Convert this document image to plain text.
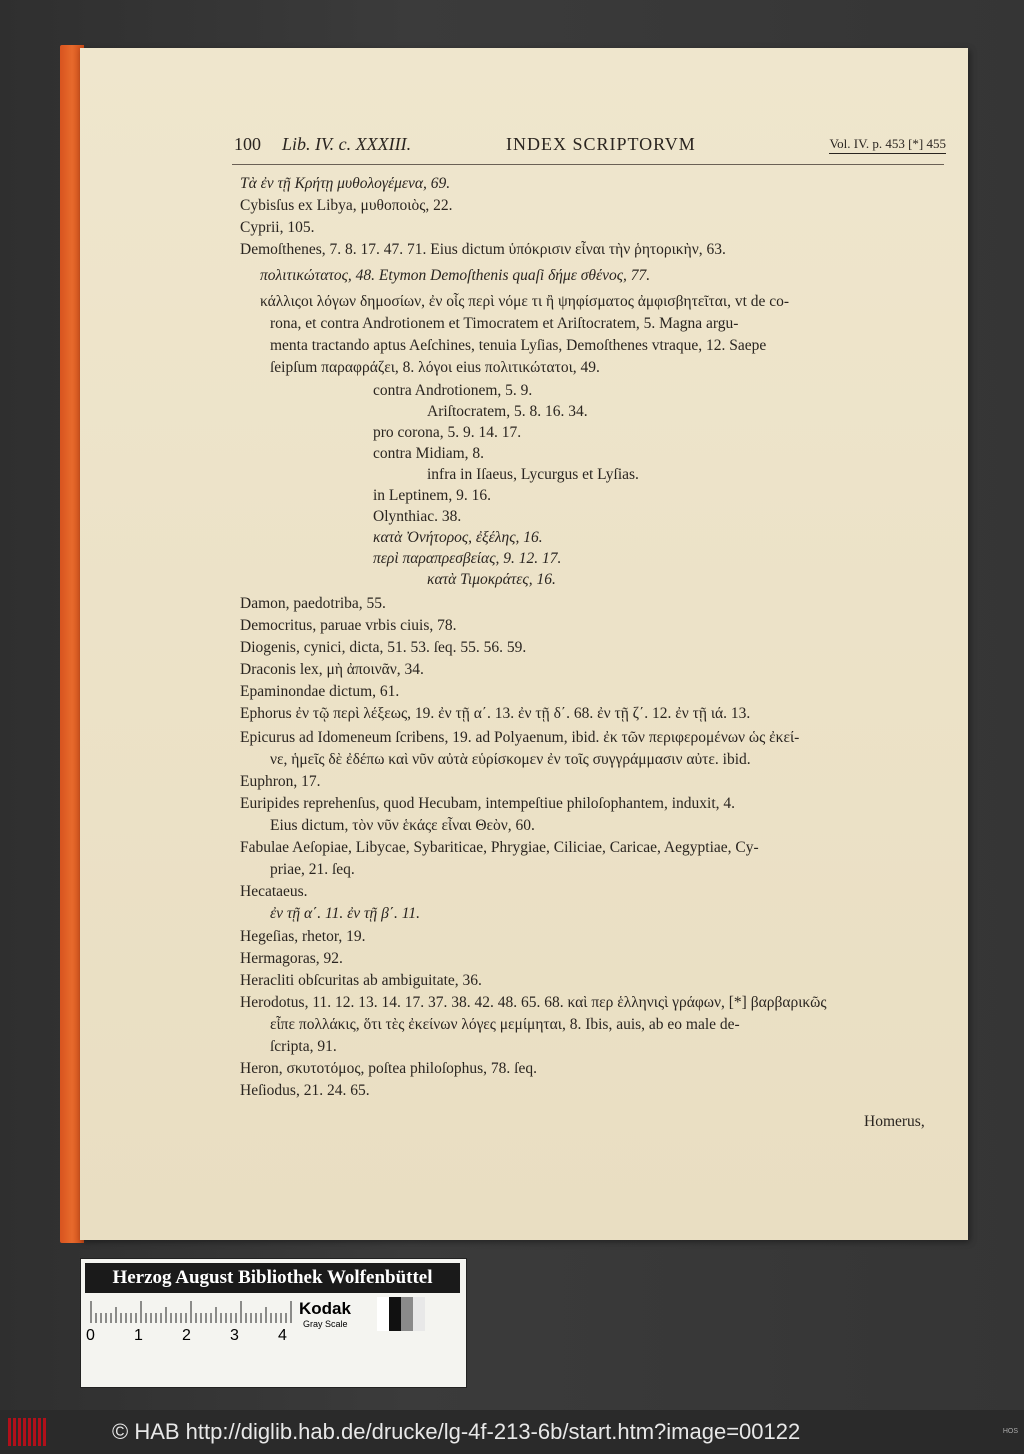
100 Lib. IV. c. XXXIII.	INDEX SCRIPTORVM	Vol. IV. p. 453 [*] 455
Τὰ ἐν τῇ Κρήτῃ μυθολογέμενα, 69.
Cybisſus ex Libya, μυθοποιὸς, 22.
Cyprii, 105.
Demoſthenes, 7. 8. 17. 47. 71. Eius dictum ὑπόκρισιν εἶναι τὴν ῥητορικὴν, 63.
πολιτικώτατος, 48. Etymon Demoſthenis quaſi δήμε σθένος, 77.
κάλλιςοι λόγων δημοσίων, ἐν οἷς περὶ νόμε τι ἢ ψηφίσματος ἀμφισβητεῖται, vt de co-
rona, et contra Androtionem et Timocratem et Ariſtocratem, 5. Magna argu-
menta tractando aptus Aeſchines, tenuia Lyſias, Demoſthenes vtraque, 12. Saepe
ſeipſum παραφράζει, 8. λόγοι eius πολιτικώτατοι, 49.
contra Androtionem, 5. 9.
Ariſtocratem, 5. 8. 16. 34.
pro corona, 5. 9. 14. 17.
contra Midiam, 8.
infra in Iſaeus, Lycurgus et Lyſias.
in Leptinem, 9. 16.
Olynthiac. 38.
κατὰ Ὀνήτορος, ἐξέλης, 16.
περὶ παραπρεσβείας, 9. 12. 17.
κατὰ Τιμοκράτες, 16.
Damon, paedotriba, 55.
Democritus, paruae vrbis ciuis, 78.
Diogenis, cynici, dicta, 51. 53. ſeq. 55. 56. 59.
Draconis lex, μὴ ἀποινᾶν, 34.
Epaminondae dictum, 61.
Ephorus ἐν τῷ περὶ λέξεως, 19. ἐν τῇ α΄. 13. ἐν τῇ δ΄. 68. ἐν τῇ ζ΄. 12. ἐν τῇ ιά. 13.
Epicurus ad Idomeneum ſcribens, 19. ad Polyaenum, ibid. ἐκ τῶν περιφερομένων ὡς ἐκεί-
νε, ἡμεῖς δὲ ἐδέπω καὶ νῦν αὐτὰ εὑρίσκομεν ἐν τοῖς συγγράμμασιν αὐτε. ibid.
Euphron, 17.
Euripides reprehenſus, quod Hecubam, intempeſtiue philoſophantem, induxit, 4.
Eius dictum, τὸν νῦν ἑκάςε εἶναι Θεὸν, 60.
Fabulae Aeſopiae, Libycae, Sybariticae, Phrygiae, Ciliciae, Caricae, Aegyptiae, Cy-
priae, 21. ſeq.
Hecataeus.
ἐν τῇ α΄. 11. ἐν τῇ β΄. 11.
Hegeſias, rhetor, 19.
Hermagoras, 92.
Heracliti obſcuritas ab ambiguitate, 36.
Herodotus, 11. 12. 13. 14. 17. 37. 38. 42. 48. 65. 68. καὶ περ ἑλληνιςὶ γράφων, [*] βαρβαρικῶς
εἶπε πολλάκις, ὅτι τὲς ἐκείνων λόγες μεμίμηται, 8. Ibis, auis, ab eo male de-
ſcripta, 91.
Heron, σκυτοτόμος, poſtea philoſophus, 78. ſeq.
Heſiodus, 21. 24. 65.
Homerus,
Herzog August Bibliothek Wolfenbüttel
0 1 2 3 4
Kodak
Gray Scale
© HAB http://diglib.hab.de/drucke/lg-4f-213-6b/start.htm?image=00122	HOS
